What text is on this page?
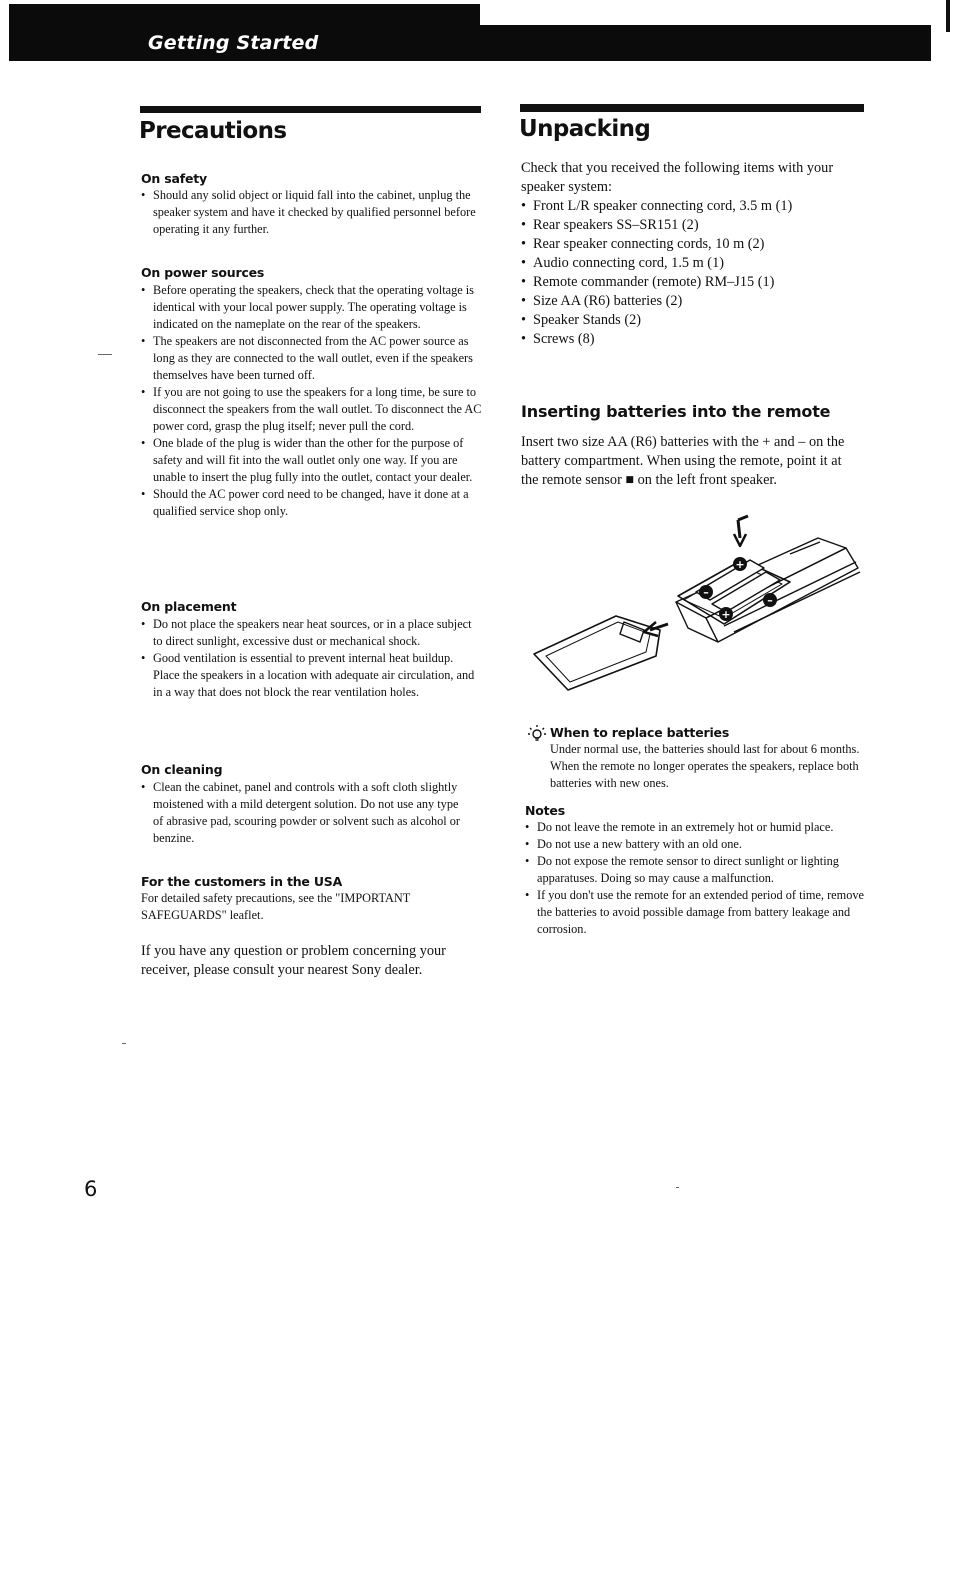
Getting Started
Precautions
On safety
• Should any solid object or liquid fall into the cabinet, unplug the speaker system and have it checked by qualified personnel before operating it any further.
On power sources
• Before operating the speakers, check that the operating voltage is identical with your local power supply. The operating voltage is indicated on the nameplate on the rear of the speakers.
• The speakers are not disconnected from the AC power source as long as they are connected to the wall outlet, even if the speakers themselves have been turned off.
• If you are not going to use the speakers for a long time, be sure to disconnect the speakers from the wall outlet. To disconnect the AC power cord, grasp the plug itself; never pull the cord.
• One blade of the plug is wider than the other for the purpose of safety and will fit into the wall outlet only one way. If you are unable to insert the plug fully into the outlet, contact your dealer.
• Should the AC power cord need to be changed, have it done at a qualified service shop only.
On placement
• Do not place the speakers near heat sources, or in a place subject to direct sunlight, excessive dust or mechanical shock.
• Good ventilation is essential to prevent internal heat buildup. Place the speakers in a location with adequate air circulation, and in a way that does not block the rear ventilation holes.
On cleaning
• Clean the cabinet, panel and controls with a soft cloth slightly moistened with a mild detergent solution. Do not use any type of abrasive pad, scouring powder or solvent such as alcohol or benzine.
For the customers in the USA

For detailed safety precautions, see the "IMPORTANT SAFEGUARDS" leaflet.

If you have any question or problem concerning your receiver, please consult your nearest Sony dealer.

Unpacking

Check that you received the following items with your speaker system:

• Front L/R speaker connecting cord, 3.5 m (1)
• Rear speakers SS–SR151 (2)
• Rear speaker connecting cords, 10 m (2)
• Audio connecting cord, 1.5 m (1)
• Remote commander (remote) RM–J15 (1)
• Size AA (R6) batteries (2)
• Speaker Stands (2)
• Screws (8)
Inserting batteries into the remote

Insert two size AA (R6) batteries with the + and – on the battery compartment. When using the remote, point it at the remote sensor ■ on the left front speaker.

+
–
–
+
When to replace batteries

Under normal use, the batteries should last for about 6 months. When the remote no longer operates the speakers, replace both batteries with new ones.

Notes
• Do not leave the remote in an extremely hot or humid place.
• Do not use a new battery with an old one.
• Do not expose the remote sensor to direct sunlight or lighting apparatuses. Doing so may cause a malfunction.
• If you don't use the remote for an extended period of time, remove the batteries to avoid possible damage from battery leakage and corrosion.

6
